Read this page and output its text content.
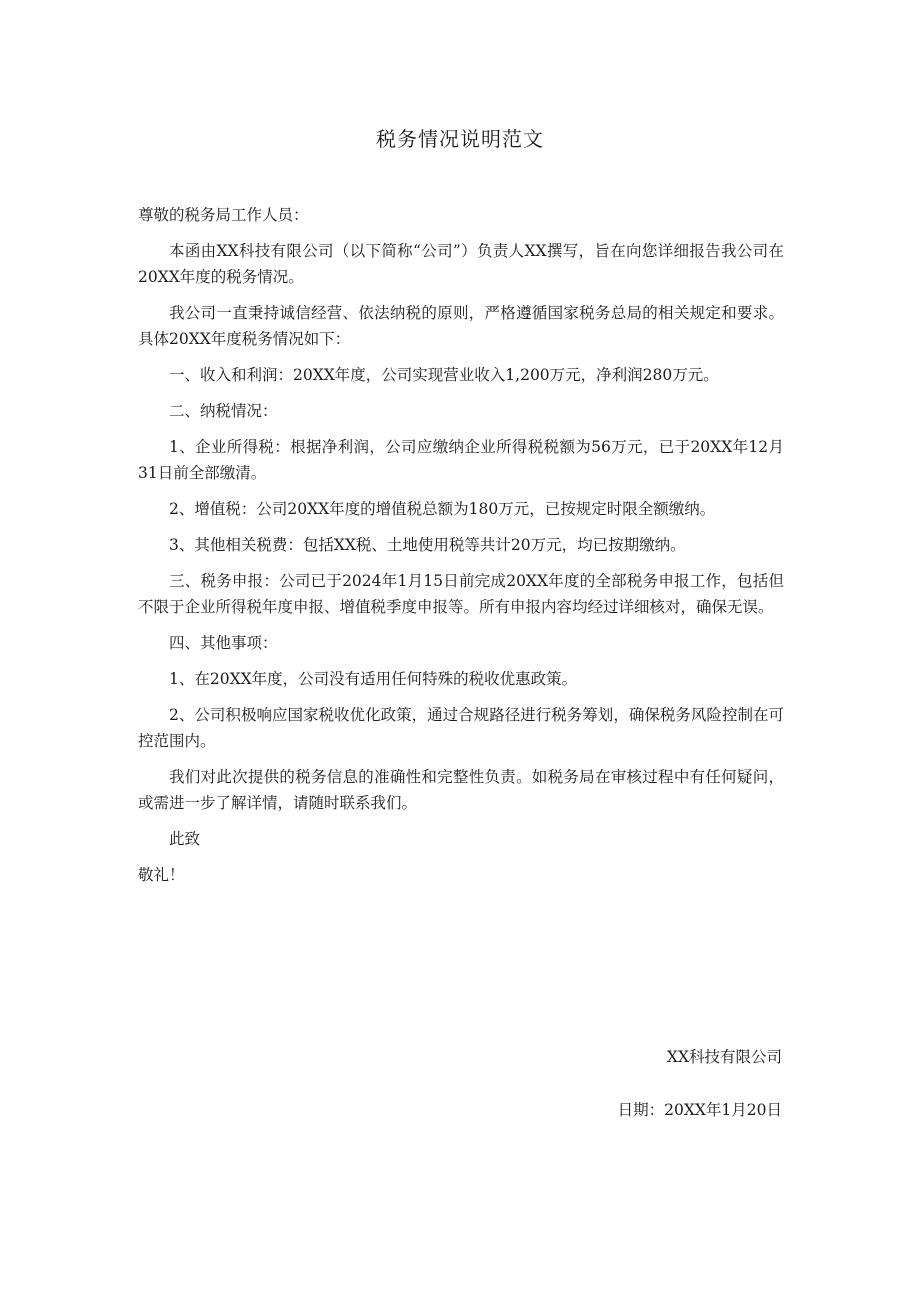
税务情况说明范文

尊敬的税务局工作人员：

本函由XX科技有限公司（以下简称“公司”）负责人XX撰写，旨在向您详细报告我公司在20XX年度的税务情况。

我公司一直秉持诚信经营、依法纳税的原则，严格遵循国家税务总局的相关规定和要求。具体20XX年度税务情况如下：

一、收入和利润：20XX年度，公司实现营业收入1,200万元，净利润280万元。

二、纳税情况：

1、企业所得税：根据净利润，公司应缴纳企业所得税税额为56万元，已于20XX年12月31日前全部缴清。

2、增值税：公司20XX年度的增值税总额为180万元，已按规定时限全额缴纳。

3、其他相关税费：包括XX税、土地使用税等共计20万元，均已按期缴纳。

三、税务申报：公司已于2024年1月15日前完成20XX年度的全部税务申报工作，包括但不限于企业所得税年度申报、增值税季度申报等。所有申报内容均经过详细核对，确保无误。

四、其他事项：

1、在20XX年度，公司没有适用任何特殊的税收优惠政策。

2、公司积极响应国家税收优化政策，通过合规路径进行税务筹划，确保税务风险控制在可控范围内。

我们对此次提供的税务信息的准确性和完整性负责。如税务局在审核过程中有任何疑问，或需进一步了解详情，请随时联系我们。

此致

敬礼！

XX科技有限公司
日期：20XX年1月20日
